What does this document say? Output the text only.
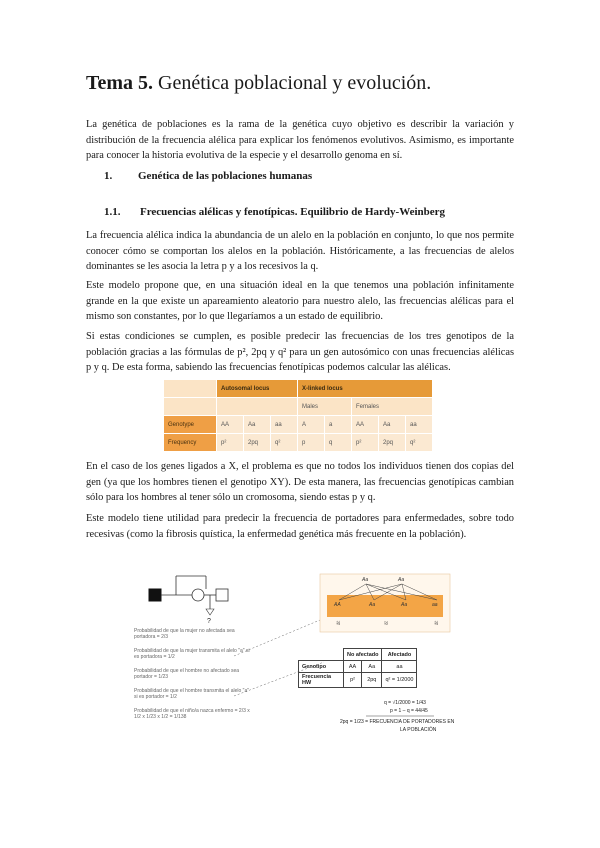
Tema 5. Genética poblacional y evolución.

La genética de poblaciones es la rama de la genética cuyo objetivo es describir la variación y distribución de la frecuencia alélica para explicar los fenómenos evolutivos. Asimismo, es importante para conocer la historia evolutiva de la especie y el desarrollo genoma en sí.

1. Genética de las poblaciones humanas
1.1. Frecuencias alélicas y fenotípicas. Equilibrio de Hardy-Weinberg

La frecuencia alélica indica la abundancia de un alelo en la población en conjunto, lo que nos permite conocer cómo se comportan los alelos en la población. Históricamente, a las frecuencias de alelos dominantes se les asocia la letra p y a los recesivos la q.

Este modelo propone que, en una situación ideal en la que tenemos una población infinitamente grande en la que existe un apareamiento aleatorio para nuestro alelo, las frecuencias alélicas para el mismo son constantes, por lo que llegaríamos a un estado de equilibrio.

Si estas condiciones se cumplen, es posible predecir las frecuencias de los tres genotipos de la población gracias a las fórmulas de p², 2pq y q² para un gen autosómico con unas frecuencias alélicas p y q. De esta forma, sabiendo las frecuencias fenotípicas podemos calcular las alélicas.

	Autosomal locus			X-linked locus				
				Males		Females		
Genotype	AA	Aa	aa	A	a	AA	Aa	aa
Frequency	p²	2pq	q²	p	q	p²	2pq	q²

En el caso de los genes ligados a X, el problema es que no todos los individuos tienen dos copias del gen (ya que los hombres tienen el genotipo XY). De esta manera, las frecuencias genotípicas cambian sólo para los hombres al tener sólo un cromosoma, siendo estas p y q.

Este modelo tiene utilidad para predecir la frecuencia de portadores para enfermedades, sobre todo recesivas (como la fibrosis quística, la enfermedad genética más frecuente en la población).

?
Probabilidad de que la mujer no afectada sea portadora = 2/3
Probabilidad de que la mujer transmita el alelo "a" si es portadora = 1/2
Probabilidad de que el hombre no afectado sea portador = 1/23
Probabilidad de que el hombre transmita el alelo "a" si es portador = 1/2
Probabilidad de que el niño/a nazca enfermo = 2/3 x 1/2 x 1/23 x 1/2 = 1/138
Aa	Aa
AA	Aa	Aa	aa
¼	½	¼
	No afectado		Afectado
Genotipo	AA	Aa	aa
Frecuencia HW	p²	2pq	q² = 1/2000
q = √1/2000 = 1/43
p = 1 – q = 44/45
2pq = 1/23 = FRECUENCIA DE PORTADORES EN
LA POBLACIÓN
